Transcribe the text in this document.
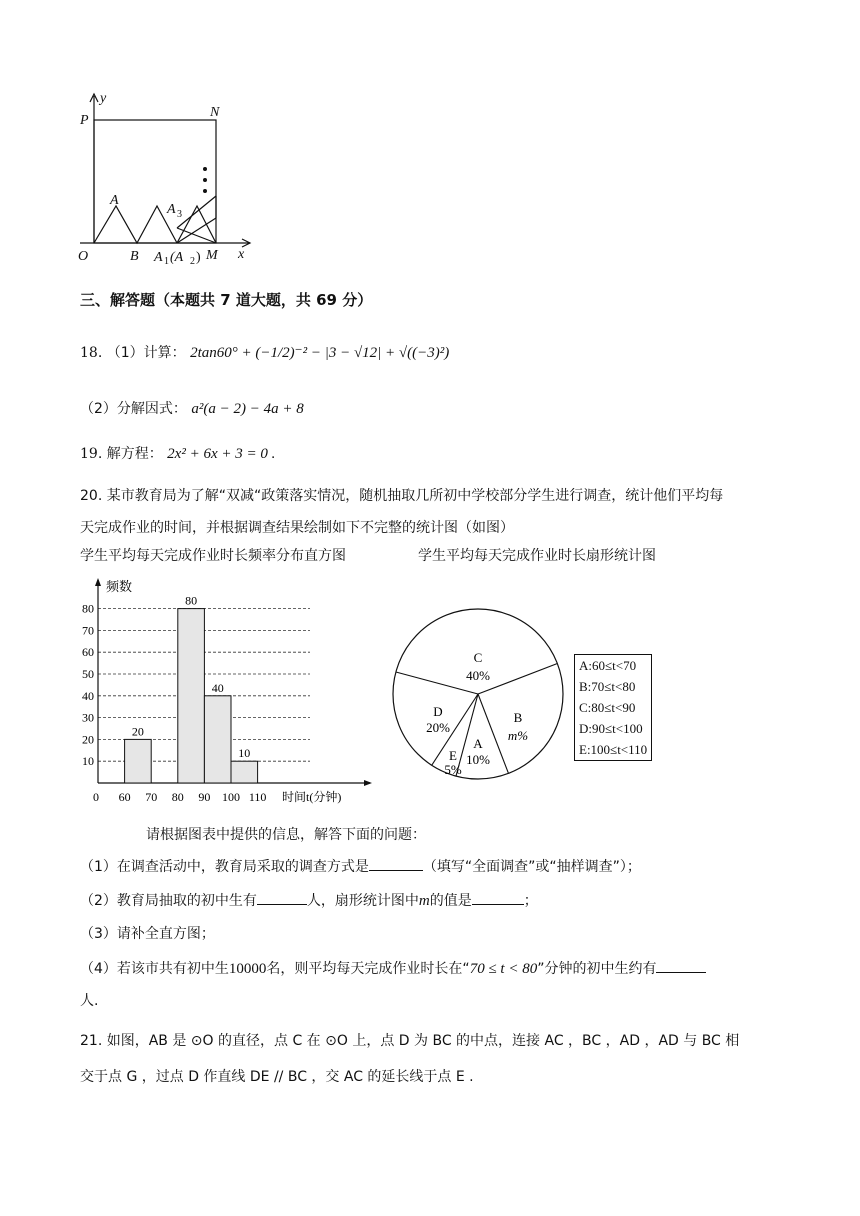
y
x
P
N
O
A
B
A 3
A 1 (A 2 ) M
三、解答题（本题共 7 道大题，共 69 分）
18. （1）计算： 2tan60° + (−1/2)⁻² − |3 − √12| + √((−3)²)
（2）分解因式： a²(a − 2) − 4a + 8
19. 解方程： 2x² + 6x + 3 = 0 .
20. 某市教育局为了解“双减“政策落实情况，随机抽取几所初中学校部分学生进行调查，统计他们平均每
天完成作业的时间，并根据调查结果绘制如下不完整的统计图（如图）
学生平均每天完成作业时长频率分布直方图	学生平均每天完成作业时长扇形统计图
10
20
30
40
50
60
70
80
频数
0 60 70 80 90 100 110 时间t(分钟)
20
80
40
10
C
40%
B
m%
A
10%
E
5%
D
20%
A:60≤t<70
B:70≤t<80
C:80≤t<90
D:90≤t<100
E:100≤t<110
请根据图表中提供的信息，解答下面的问题：
（1）在调查活动中，教育局采取的调查方式是	（填写“全面调查”或“抽样调查”）；
（2）教育局抽取的初中生有	人，扇形统计图中m的值是	；
（3）请补全直方图；
（4）若该市共有初中生10000名，则平均每天完成作业时长在“70 ≤ t < 80”分钟的初中生约有
人.
21. 如图，AB 是 ⊙O 的直径，点 C 在 ⊙O 上，点 D 为 BC 的中点，连接 AC ，BC ，AD ，AD 与 BC 相
交于点 G ，过点 D 作直线 DE // BC ，交 AC 的延长线于点 E .
